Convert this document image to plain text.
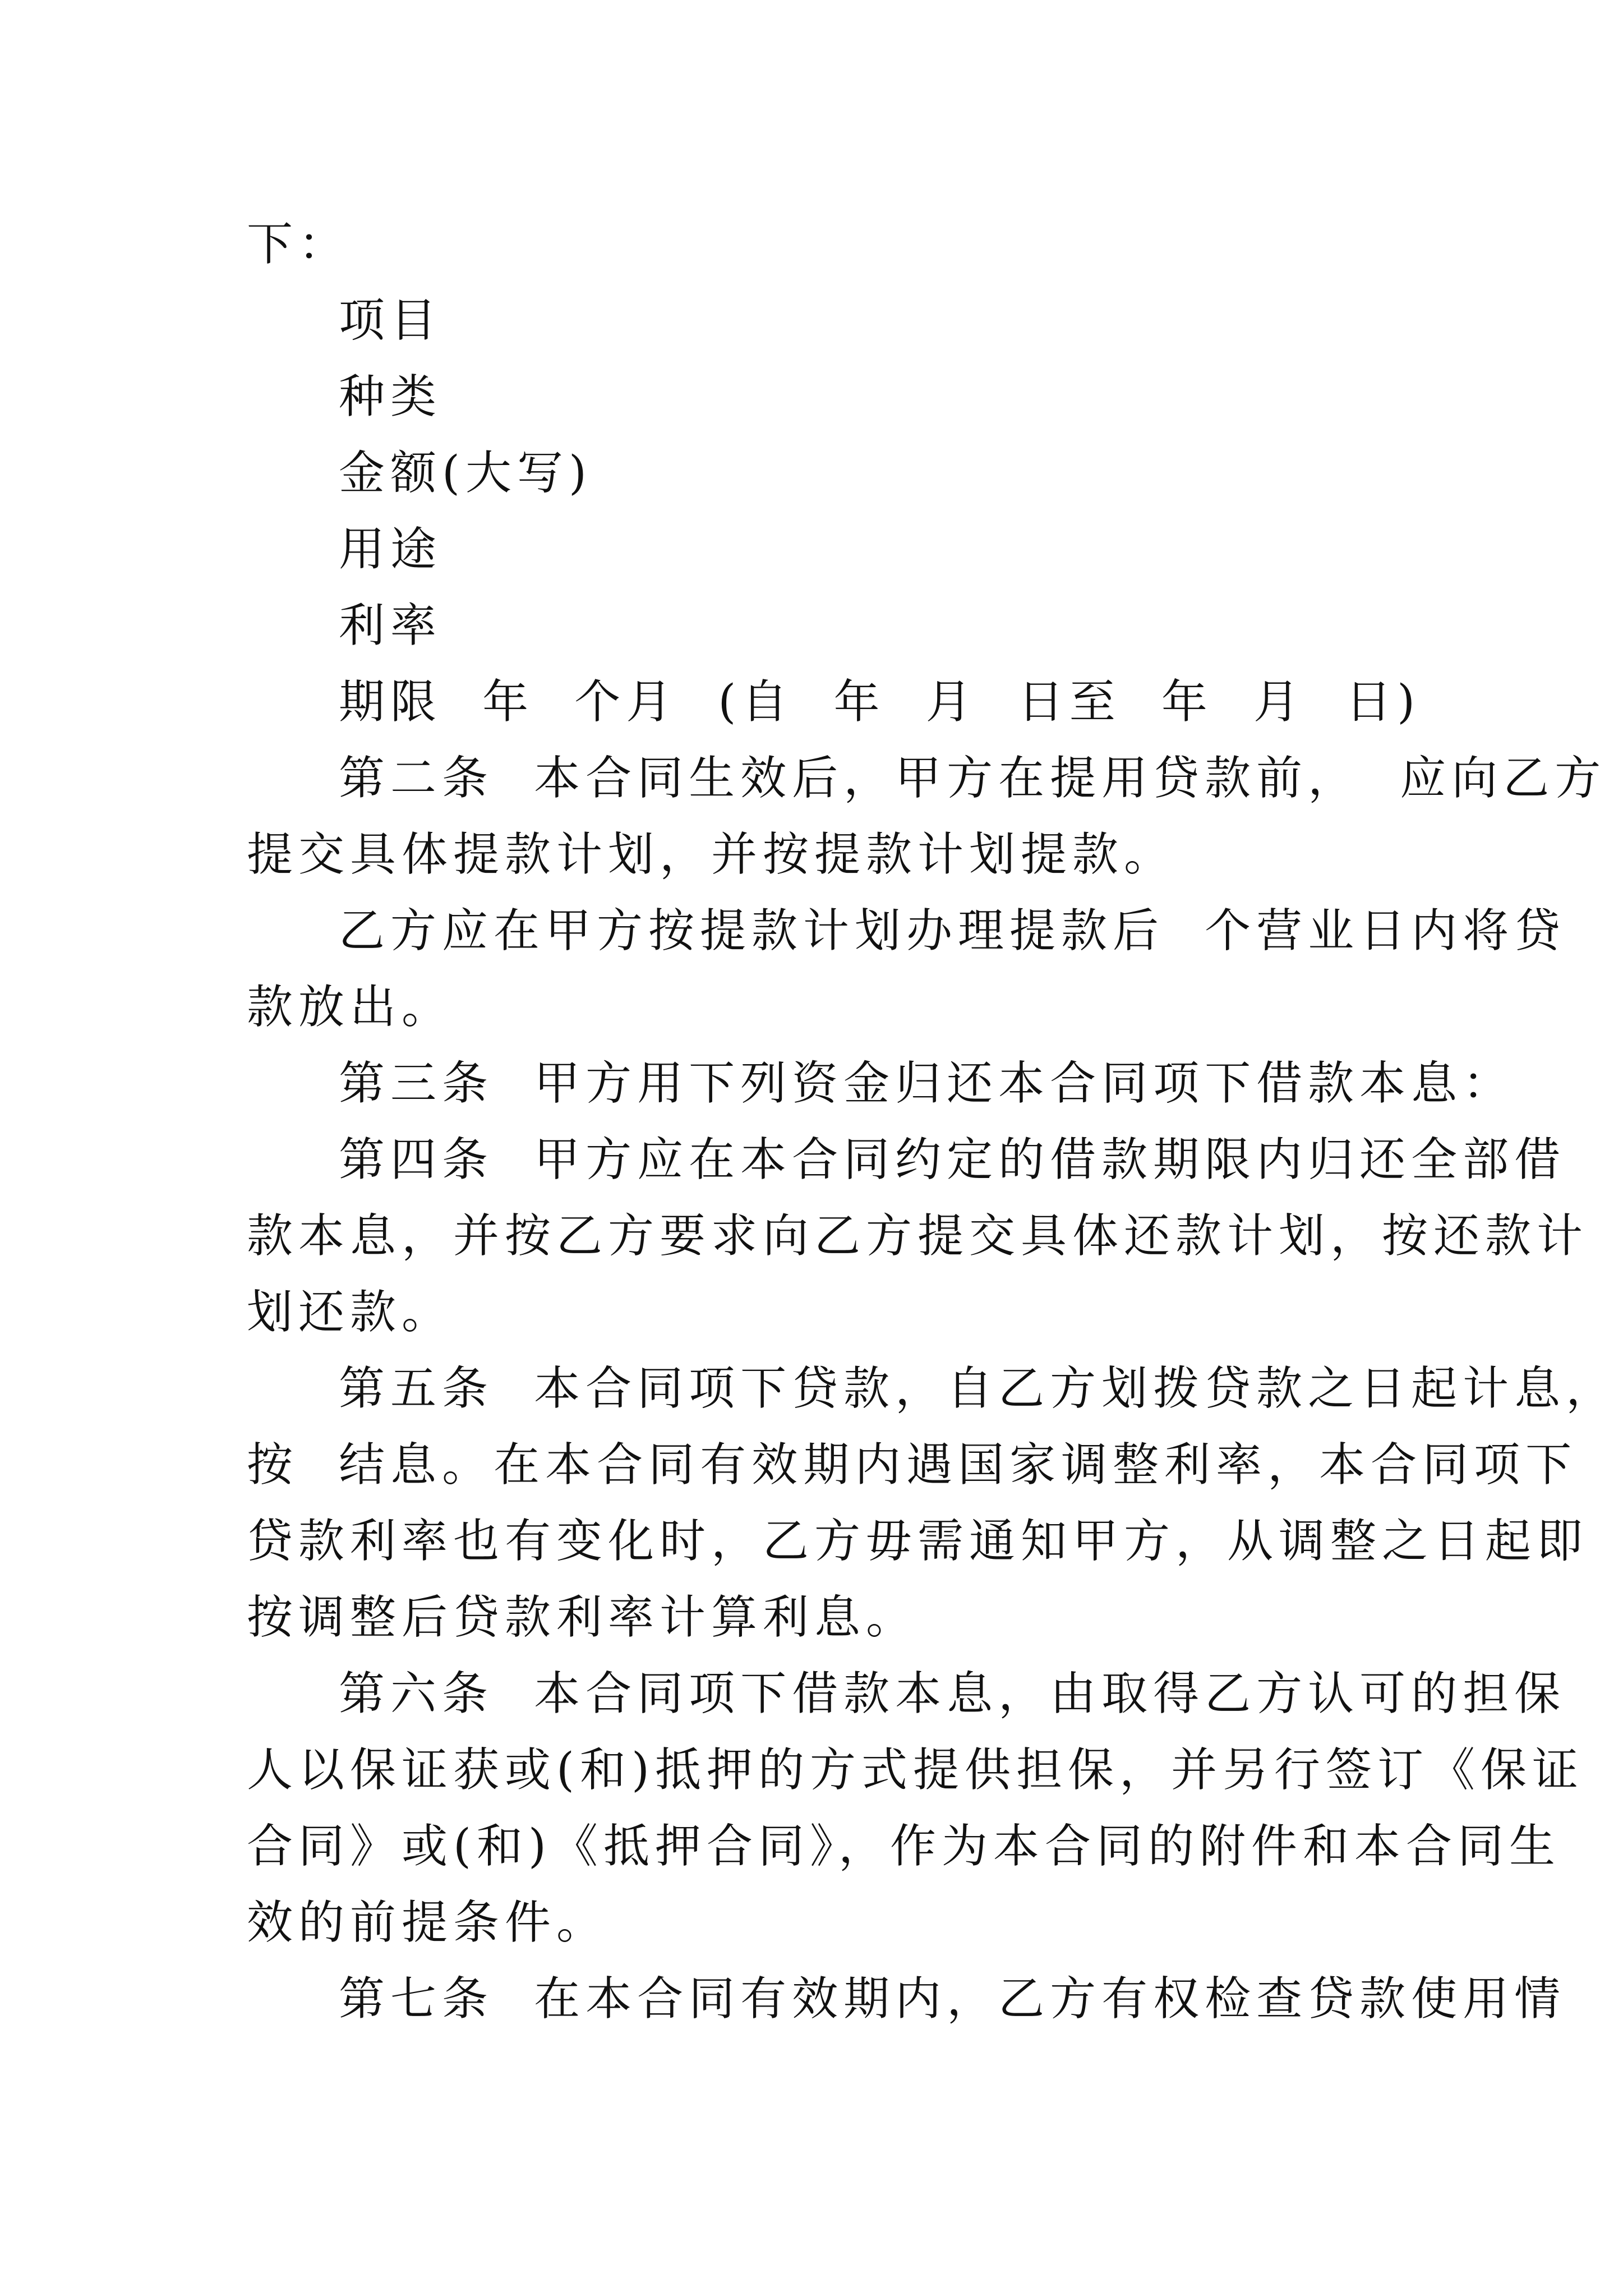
下：
项目
种类
金额(大写)
用途
利率
期限  年  个月  (自  年  月  日至  年  月  日)
第二条  本合同生效后，甲方在提用贷款前，  应向乙方
提交具体提款计划，并按提款计划提款。
乙方应在甲方按提款计划办理提款后  个营业日内将贷
款放出。
第三条  甲方用下列资金归还本合同项下借款本息：
第四条  甲方应在本合同约定的借款期限内归还全部借
款本息，并按乙方要求向乙方提交具体还款计划，按还款计
划还款。
第五条  本合同项下贷款，自乙方划拨贷款之日起计息，
按  结息。在本合同有效期内遇国家调整利率，本合同项下
贷款利率也有变化时，乙方毋需通知甲方，从调整之日起即
按调整后贷款利率计算利息。
第六条  本合同项下借款本息，由取得乙方认可的担保
人以保证获或(和)抵押的方式提供担保，并另行签订《保证
合同》或(和)《抵押合同》，作为本合同的附件和本合同生
效的前提条件。
第七条  在本合同有效期内，乙方有权检查贷款使用情
